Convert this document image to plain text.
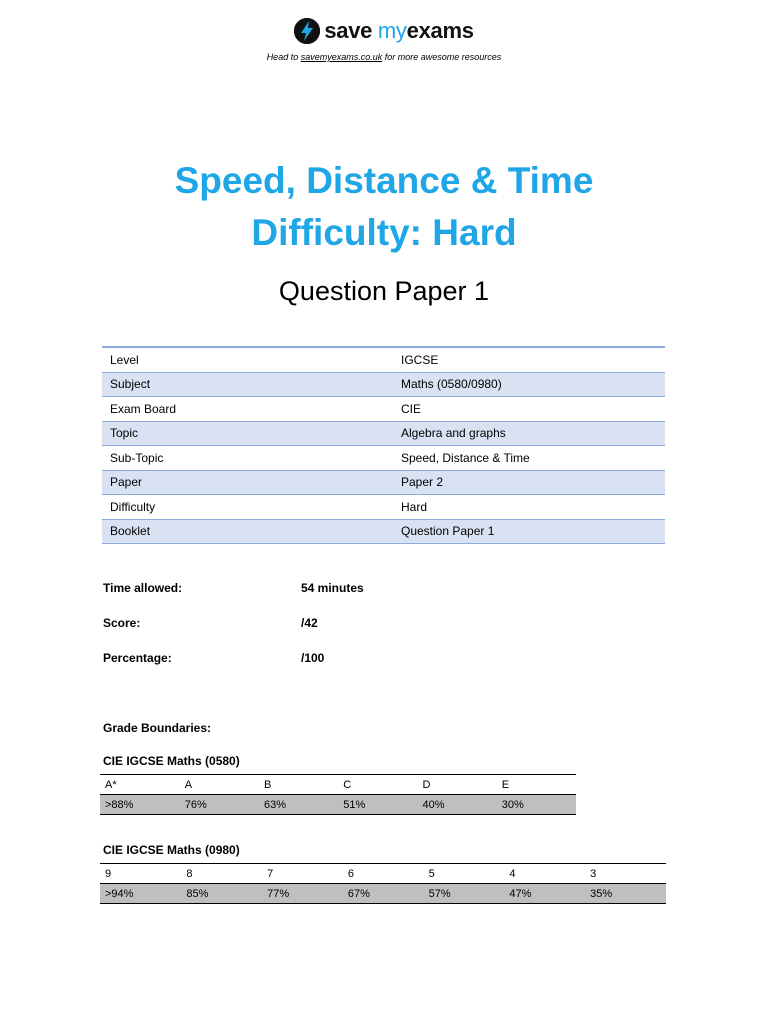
save myexams
Head to savemyexams.co.uk for more awesome resources
Speed, Distance & Time
Difficulty: Hard
Question Paper 1
Level	IGCSE
Subject	Maths (0580/0980)
Exam Board	CIE
Topic	Algebra and graphs
Sub-Topic	Speed, Distance & Time
Paper	Paper 2
Difficulty	Hard
Booklet	Question Paper 1
Time allowed:	54 minutes
Score:	/42
Percentage:	/100
Grade Boundaries:
CIE IGCSE Maths (0580)
A*	A	B	C	D	E
>88%	76%	63%	51%	40%	30%
CIE IGCSE Maths (0980)
9	8	7	6	5	4	3
>94%	85%	77%	67%	57%	47%	35%
